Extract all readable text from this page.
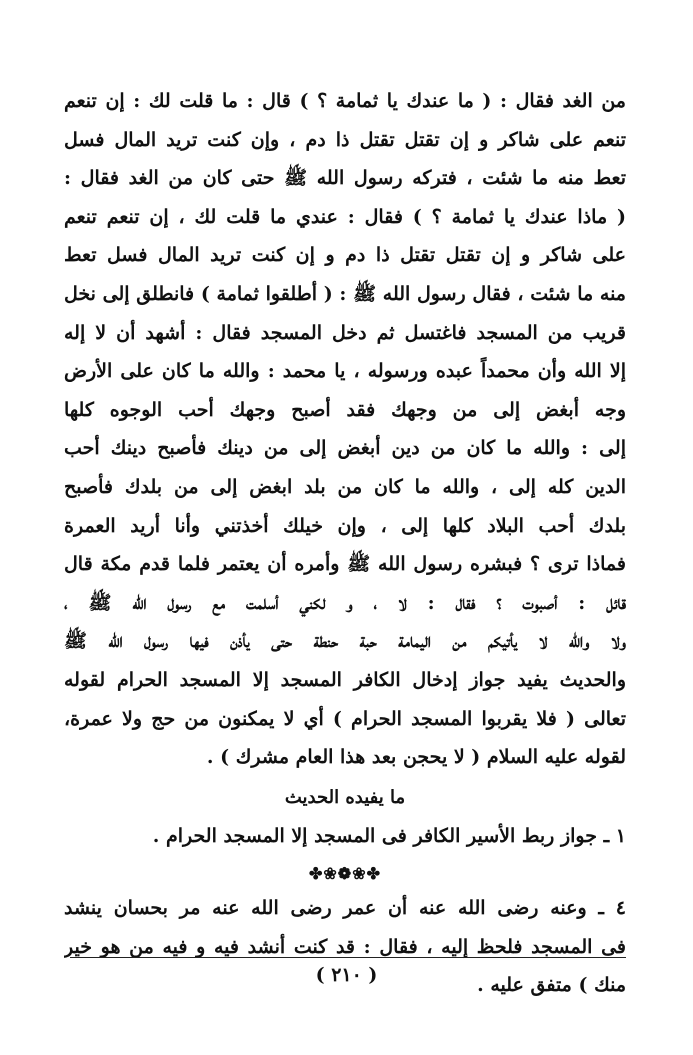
من الغد فقال : ( ما عندك يا ثمامة ؟ ) قال : ما قلت لك : إن تنعم
تنعم على شاكر و إن تقتل تقتل ذا دم ، وإن كنت تريد المال فسل
تعط منه ما شئت ، فتركه رسول الله ﷺ حتى كان من الغد فقال :
( ماذا عندك يا ثمامة ؟ ) فقال : عندي ما قلت لك ، إن تنعم تنعم
على شاكر و إن تقتل تقتل ذا دم و إن كنت تريد المال فسل تعط
منه ما شئت ، فقال رسول الله ﷺ : ( أطلقوا ثمامة ) فانطلق إلى نخل
قريب من المسجد فاغتسل ثم دخل المسجد فقال : أشهد أن لا إله
إلا الله وأن محمداً عبده ورسوله ، يا محمد : والله ما كان على الأرض
وجه أبغض إلى من وجهك فقد أصبح وجهك أحب الوجوه كلها
إلى : والله ما كان من دين أبغض إلى من دينك فأصبح دينك أحب
الدين كله إلى ، والله ما كان من بلد ابغض إلى من بلدك فأصبح
بلدك أحب البلاد كلها إلى ، وإن خيلك أخذتني وأنا أريد العمرة
فماذا ترى ؟ فبشره رسول الله ﷺ وأمره أن يعتمر فلما قدم مكة قال
قائل : أصبوت ؟ فقال : لا ، و لكني أسلمت مع رسول الله ﷺ ،
ولا والله لا يأتيكم من اليمامة حبة حنطة حتى يأذن فيها رسول الله ﷺ
والحديث يفيد جواز إدخال الكافر المسجد إلا المسجد الحرام لقوله
تعالى ( فلا يقربوا المسجد الحرام ) أي لا يمكنون من حج ولا عمرة،
لقوله عليه السلام ( لا يحجن بعد هذا العام مشرك ) .
ما يفيده الحديث
١ ـ جواز ربط الأسير الكافر فى المسجد إلا المسجد الحرام .
✤❀❁❀✤
٤ ـ وعنه رضى الله عنه أن عمر رضى الله عنه مر بحسان ينشد
فى المسجد فلحظ إليه ، فقال : قد كنت أنشد فيه و فيه من هو خير
منك ) متفق عليه .
( ٢١٠ )
